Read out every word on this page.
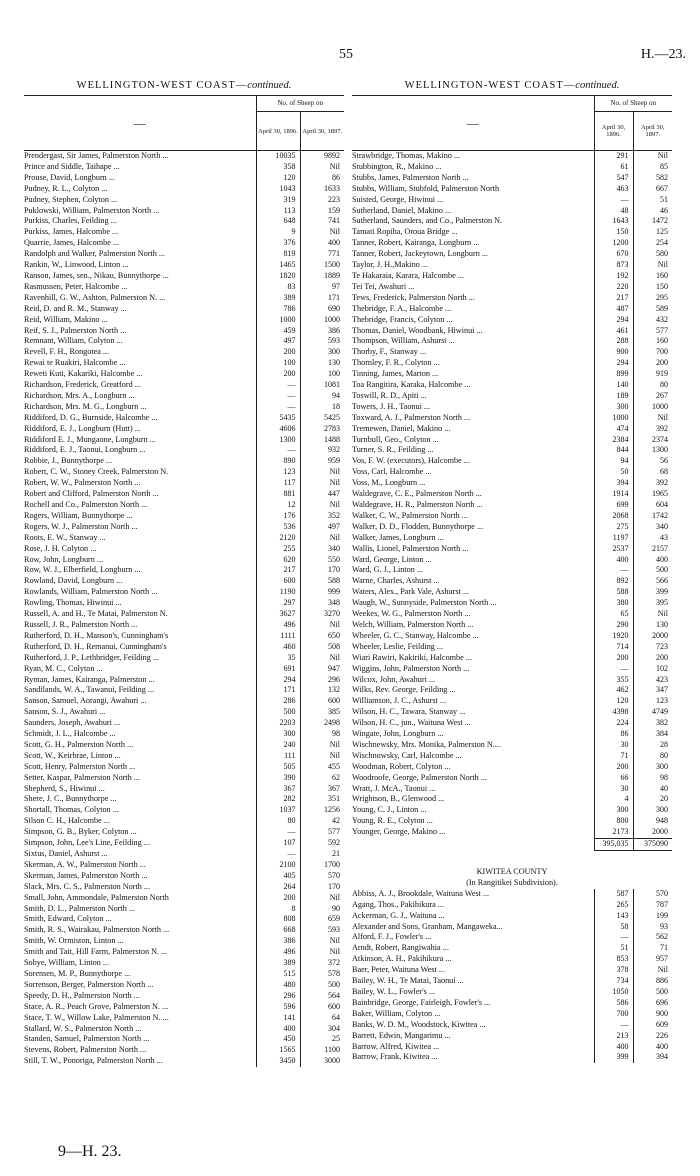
55	H.—23.
WELLINGTON-WEST COAST—continued.
—	No. of Sheep on	
	April 30, 1896.	April 30, 1897.
Prendergast, Sir James, Palmerston North ...	10035	9892
Prince and Siddle, Taihape ...	358	Nil
Prouse, David, Longburn ...	120	86
Pudney, R. L., Colyton ...	1043	1633
Pudney, Stephen, Colyton ...	319	223
Puklowski, William, Palmerston North ...	113	159
Purkiss, Charles, Feilding ...	648	741
Purkiss, James, Halcombe ...	9	Nil
Quarrie, James, Halcombe ...	376	400
Randolph and Walker, Palmerston North ...	819	771
Rankin, W., Linwood, Linton ...	1465	1500
Ranson, James, sen., Nikau, Bunnythorpe ...	1820	1889
Rasmussen, Peter, Halcombe ...	83	97
Ravenhill, G. W., Ashton, Palmerston N. ...	389	171
Reid, D. and R. M., Stanway ...	786	690
Reid, William, Makino ...	1000	1000
Reif, S. J., Palmerston North ...	459	386
Remnant, William, Colyton ...	497	593
Revell, F. H., Rongotea ...	200	300
Rewai te Ruakiri, Halcombe ...	100	130
Reweti Kuti, Kakariki, Halcombe ...	200	100
Richardson, Frederick, Greatford ...	—	1081
Richardson, Mrs. A., Longburn ...	—	94
Richardson, Mrs. M. G., Longburn ...	—	18
Riddiford, D. G., Burnside, Halcombe ...	5435	5425
Riddiford, E. J., Longburn (Hutt) ...	4606	2783
Riddiford E. J., Mungaone, Longburn ...	1300	1488
Riddiford, E. J., Taonui, Longburn ...	—	932
Robbie, J., Bunnythorpe ...	890	959
Robert, C. W., Stoney Creek, Palmerston N.	123	Nil
Robert, W. W., Palmerston North ...	117	Nil
Robert and Clifford, Palmerston North ...	881	447
Rochell and Co., Palmerston North ...	12	Nil
Rogers, William, Bunnythorpe ...	176	352
Rogers, W. J., Palmerston North ...	536	497
Roots, E. W., Stanway ...	2120	Nil
Rose, J. H. Colyton ...	255	340
Row, John, Longburn ...	620	550
Row, W. J., Elberfield, Longburn ...	217	170
Rowland, David, Longburn ...	600	588
Rowlands, William, Palmerston North ...	1190	999
Rowling, Thomas, Hiwinui ...	297	348
Russell, A. and H., Te Matai, Palmerston N.	3627	3270
Russell, J. R., Palmerston North ...	496	Nil
Rutherford, D. H., Manson's, Cunningham's	1111	650
Rutherford, D. H., Remanui, Cunningham's	460	508
Rutherford, J. P., Lethbridger, Feilding ...	35	Nil
Ryan, M. C., Colyton ...	691	947
Ryman, James, Kairanga, Palmerston ...	294	296
Sandilands, W. A., Tawanui, Feilding ...	171	132
Sanson, Samuel, Aorangi, Awahuri ...	286	600
Sanson, S. J., Awahuri ...	500	385
Saunders, Joseph, Awahuri ...	2203	2498
Schmidt, J. L., Halcombe ...	300	98
Scott, G. H., Palmerston North ...	240	Nil
Scott, W., Keirbrae, Linton ...	111	Nil
Scott, Henry, Palmerston North ...	505	455
Setter, Kaspar, Palmerston North ...	390	62
Shepherd, S., Hiwinui ...	367	367
Shere, J. C., Bunnythorpe ...	282	351
Shortall, Thomas, Colyton ...	1037	1256
Silson C. H., Halcombe ...	80	42
Simpson, G. B., Byker, Colyton ...	—	577
Simpson, John, Lee's Line, Feilding ...	107	592
Sixtus, Daniel, Ashurst ...	—	21
Skerman, A. W., Palmerston North ...	2100	1700
Skerman, James, Palmerston North ...	405	570
Slack, Mrs. C. S., Palmerston North ...	264	170
Small, John, Ammondale, Palmerston North	200	Nil
Smith, D. L., Palmerston North ...	8	90
Smith, Edward, Colyton ...	808	659
Smith, R. S., Wairakau, Palmerston North ...	668	593
Smith, W. Ormiston, Linton ...	386	Nil
Smith and Tait, Hill Farm, Palmerston N. ...	496	Nil
Sobye, William, Linton ...	389	372
Sorensen, M. P., Bunnythorpe ...	515	578
Sorrenson, Berger, Palmerston North ...	480	500
Speedy, D. H., Palmerston North ...	296	564
Stace, A. R., Peach Grove, Palmerston N. ...	596	600
Stace, T. W., Willow Lake, Palmerston N. ...	141	64
Stallard, W. S., Palmerston North ...	400	304
Standen, Samuel, Palmerston North ...	450	25
Stevens, Robert, Palmerston North ...	1565	1100
Still, T. W., Ponoriga, Palmerston North ...	3450	3000
WELLINGTON-WEST COAST—continued.
—	No. of Sheep on	
	April 30, 1896.	April 30, 1897.
Strawbridge, Thomas, Makino ...	291	Nil
Stubbington, R., Makino ...	61	85
Stubbs, James, Palmerston North ...	547	582
Stubbs, William, Stubfold, Palmerston North	463	667
Suisted, George, Hiwinui ...	—	51
Sutherland, Daniel, Makino ...	48	46
Sutherland, Saunders, and Co., Palmerston N.	1643	1472
Tamati Ropiha, Oroua Bridge ...	150	125
Tanner, Robert, Kairanga, Longburn ...	1200	254
Tanner, Robert, Jackeytown, Longburn ...	670	580
Taylor, J. H.,Makino ...	873	Nil
Te Hakaraia, Karara, Halcombe ...	192	160
Tei Tei, Awahuri ...	220	150
Tews, Frederick, Palmerston North ...	217	295
Thebridge, F. A., Halcombe ...	487	589
Thebridge, Francis, Colyton ...	294	432
Thomas, Daniel, Woodbank, Hiwinui ...	461	577
Thompson, William, Ashurst ...	288	160
Thorby, F., Stanway ...	900	700
Thornley, F. R., Colyton ...	294	200
Tinning, James, Marton ...	899	919
Toa Rangitira, Karaka, Halcombe ...	140	80
Toswill, R. D., Apiti ...	189	267
Towers, J. H., Taonui ...	300	1000
Toxward, A. J., Palmerston North ...	1000	Nil
Tremewen, Daniel, Makino ...	474	392
Turnbull, Geo., Colyton ...	2384	2374
Turner, S. R., Feilding ...	844	1300
Vos, F. W. (executors), Halcombe ...	94	56
Voss, Carl, Halcombe ...	50	68
Voss, M., Longburn ...	394	392
Waldegrave, C. E., Palmerston North ...	1914	1965
Waldegrave, H. R., Palmerston North ...	699	604
Walker, C. W., Palmerston North ...	2068	1742
Walker, D. D., Flodden, Bunnythorpe ...	275	340
Walker, James, Longburn ...	1197	43
Wallis, Lionel, Palmerston North ...	2537	2157
Ward, George, Linton ...	400	400
Ward, G. J., Linton ...	—	500
Warne, Charles, Ashurst ...	892	566
Waters, Alex., Park Vale, Ashurst ...	588	399
Waugh, W., Sunnyside, Palmerston North ...	380	395
Weekes, W. G., Palmerston North ...	65	Nil
Welch, William, Palmerston North ...	290	130
Wheeler, G. C., Stanway, Halcombe ...	1920	2000
Wheeler, Leslie, Feilding ...	714	723
Wiari Rawiri, Kakiriki, Halcombe ...	200	200
Wiggins, John, Palmerston North ...	—	102
Wilcox, John, Awahuri ...	355	423
Wilks, Rev. George, Feilding ...	462	347
Williamson, J. C., Ashurst ...	120	123
Wilson, H. C., Tawara, Stanway ...	4398	4749
Wilson, H. C., jun., Waituna West ...	224	382
Wingate, John, Longburn ...	86	384
Wischnewsky, Mrs. Monika, Palmerston N....	30	28
Wischnowsky, Carl, Halcombe ...	71	80
Woodman, Robert, Colyton ...	200	300
Woodroofe, George, Palmerston North ...	66	98
Wratt, J. McA., Taonui ...	30	40
Wrightson, B., Glenwood ...	4	20
Young, C. J., Linton ...	300	300
Young, R. E., Colyton ...	800	948
Younger, George, Makino ...	2173	2000
	395,035	375090

KIWITEA COUNTY		
(In Rangitikei Subdivision).		
Abbiss, A. J., Brookdale, Waituna West ...	587	570
Agang, Thos., Pakihikura ...	265	787
Ackerman, G. J., Waituna ...	143	199
Alexander and Sons, Granham, Mangaweka...	58	93
Alford, F. J., Fowler's ...	—	562
Arndt, Robert, Rangiwahia ...	51	71
Atkinson, A. H., Pakihikura ...	853	957
Baer, Peter, Waituna West ...	378	Nil
Bailey, W. H., Te Matai, Taonui ...	734	886
Bailey, W. L., Fowler's ...	1050	500
Bainbridge, George, Fairleigh, Fowler's ...	586	696
Baker, William, Colyton ...	700	900
Banks, W. D. M., Woodstock, Kiwitea ...	—	609
Barrett, Edwin, Mangarimu ...	213	226
Barrow, Alfred, Kiwitea ...	400	400
Barrow, Frank, Kiwitea ...	399	394
9—H. 23.
